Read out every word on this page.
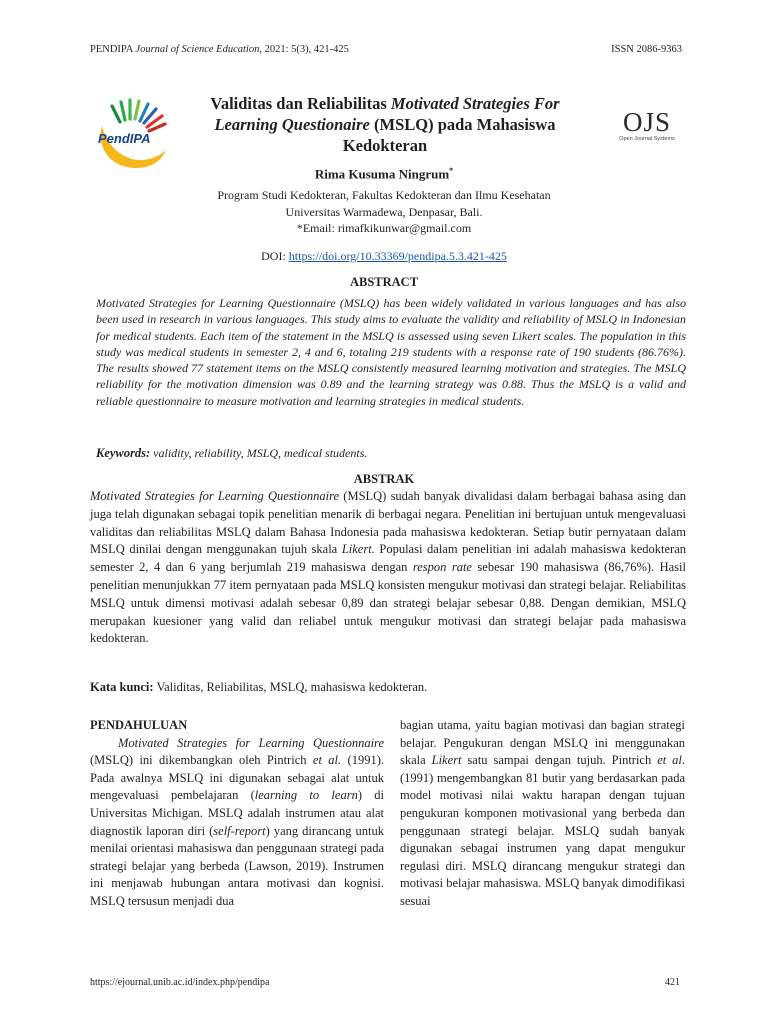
PENDIPA Journal of Science Education, 2021: 5(3), 421-425	ISSN 2086-9363
PendIPA
OJS
Open Journal Systems
Validitas dan Reliabilitas Motivated Strategies For Learning Questionaire (MSLQ) pada Mahasiswa Kedokteran
Rima Kusuma Ningrum*
Program Studi Kedokteran, Fakultas Kedokteran dan Ilmu Kesehatan
Universitas Warmadewa, Denpasar, Bali.
*Email: rimafkikunwar@gmail.com
DOI: https://doi.org/10.33369/pendipa.5.3.421-425
ABSTRACT
Motivated Strategies for Learning Questionnaire (MSLQ) has been widely validated in various languages and has also been used in research in various languages. This study aims to evaluate the validity and reliability of MSLQ in Indonesian for medical students. Each item of the statement in the MSLQ is assessed using seven Likert scales. The population in this study was medical students in semester 2, 4 and 6, totaling 219 students with a response rate of 190 students (86.76%). The results showed 77 statement items on the MSLQ consistently measured learning motivation and strategies. The MSLQ reliability for the motivation dimension was 0.89 and the learning strategy was 0.88. Thus the MSLQ is a valid and reliable questionnaire to measure motivation and learning strategies in medical students.
Keywords: validity, reliability, MSLQ, medical students.
ABSTRAK
Motivated Strategies for Learning Questionnaire (MSLQ) sudah banyak divalidasi dalam berbagai bahasa asing dan juga telah digunakan sebagai topik penelitian menarik di berbagai negara. Penelitian ini bertujuan untuk mengevaluasi validitas dan reliabilitas MSLQ dalam Bahasa Indonesia pada mahasiswa kedokteran. Setiap butir pernyataan dalam MSLQ dinilai dengan menggunakan tujuh skala Likert. Populasi dalam penelitian ini adalah mahasiswa kedokteran semester 2, 4 dan 6 yang berjumlah 219 mahasiswa dengan respon rate sebesar 190 mahasiswa (86,76%). Hasil penelitian menunjukkan 77 item pernyataan pada MSLQ konsisten mengukur motivasi dan strategi belajar. Reliabilitas MSLQ untuk dimensi motivasi adalah sebesar 0,89 dan strategi belajar sebesar 0,88. Dengan demikian, MSLQ merupakan kuesioner yang valid dan reliabel untuk mengukur motivasi dan strategi belajar pada mahasiswa kedokteran.
Kata kunci: Validitas, Reliabilitas, MSLQ, mahasiswa kedokteran.
PENDAHULUAN
Motivated Strategies for Learning Questionnaire (MSLQ) ini dikembangkan oleh Pintrich et al. (1991). Pada awalnya MSLQ ini digunakan sebagai alat untuk mengevaluasi pembelajaran (learning to learn) di Universitas Michigan. MSLQ adalah instrumen atau alat diagnostik laporan diri (self-report) yang dirancang untuk menilai orientasi mahasiswa dan penggunaan strategi pada strategi belajar yang berbeda (Lawson, 2019). Instrumen ini menjawab hubungan antara motivasi dan kognisi. MSLQ tersusun menjadi dua
bagian utama, yaitu bagian motivasi dan bagian strategi belajar. Pengukuran dengan MSLQ ini menggunakan skala Likert satu sampai dengan tujuh. Pintrich et al. (1991) mengembangkan 81 butir yang berdasarkan pada model motivasi nilai waktu harapan dengan tujuan pengukuran komponen motivasional yang berbeda dan penggunaan strategi belajar. MSLQ sudah banyak digunakan sebagai instrumen yang dapat mengukur regulasi diri. MSLQ dirancang mengukur strategi dan motivasi belajar mahasiswa. MSLQ banyak dimodifikasi sesuai
https://ejournal.unib.ac.id/index.php/pendipa	421
